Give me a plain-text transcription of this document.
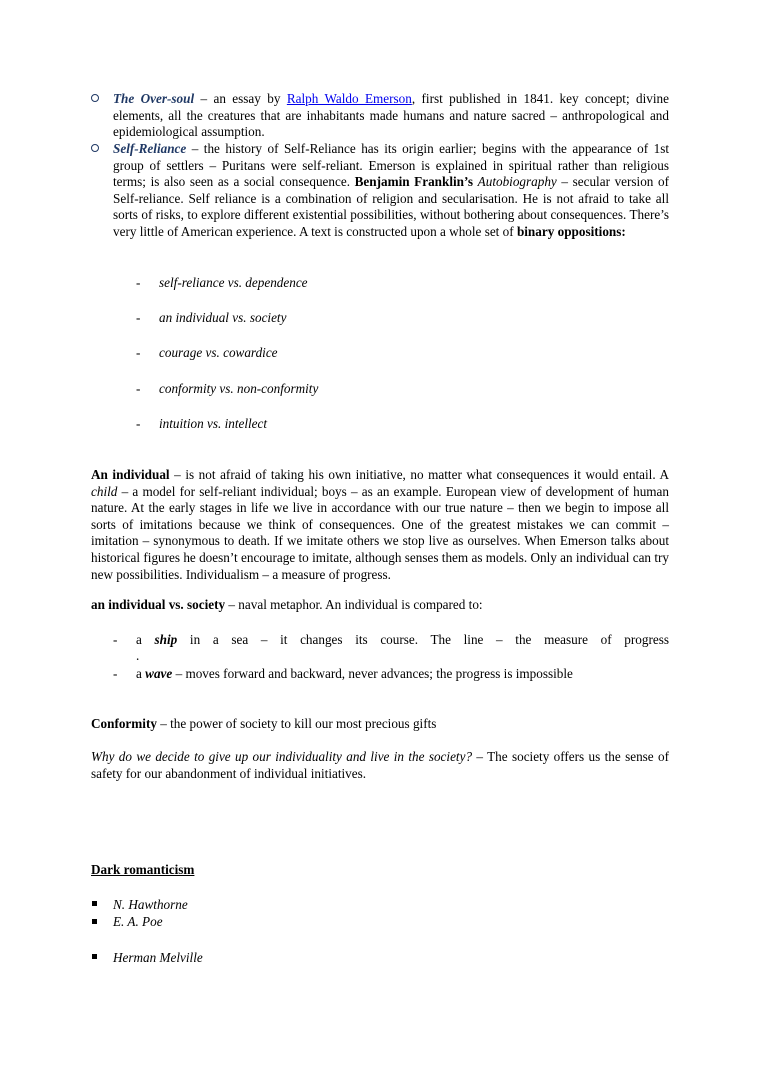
The Over-soul – an essay by Ralph Waldo Emerson, first published in 1841. key concept; divine elements, all the creatures that are inhabitants made humans and nature sacred – anthropological and epidemiological assumption.
Self-Reliance – the history of Self-Reliance has its origin earlier; begins with the appearance of 1st group of settlers – Puritans were self-reliant. Emerson is explained in spiritual rather than religious terms; is also seen as a social consequence. Benjamin Franklin’s Autobiography – secular version of Self-reliance. Self reliance is a combination of religion and secularisation. He is not afraid to take all sorts of risks, to explore different existential possibilities, without bothering about consequences. There’s very little of American experience. A text is constructed upon a whole set of binary oppositions:
- self-reliance vs. dependence
- an individual vs. society
- courage vs. cowardice
- conformity vs. non-conformity
- intuition vs. intellect
An individual – is not afraid of taking his own initiative, no matter what consequences it would entail. A child – a model for self-reliant individual; boys – as an example. European view of development of human nature. At the early stages in life we live in accordance with our true nature – then we begin to impose all sorts of imitations because we think of consequences. One of the greatest mistakes we can commit – imitation – synonymous to death. If we imitate others we stop live as ourselves. When Emerson talks about historical figures he doesn’t encourage to imitate, although senses them as models. Only an individual can try new possibilities. Individualism – a measure of progress.
an individual vs. society – naval metaphor. An individual is compared to:
- a ship in a sea – it changes its course. The line – the measure of progress
.
- a wave – moves forward and backward, never advances; the progress is impossible
Conformity – the power of society to kill our most precious gifts
Why do we decide to give up our individuality and live in the society? – The society offers us the sense of safety for our abandonment of individual initiatives.
Dark romanticism
N. Hawthorne
E. A. Poe
Herman Melville
